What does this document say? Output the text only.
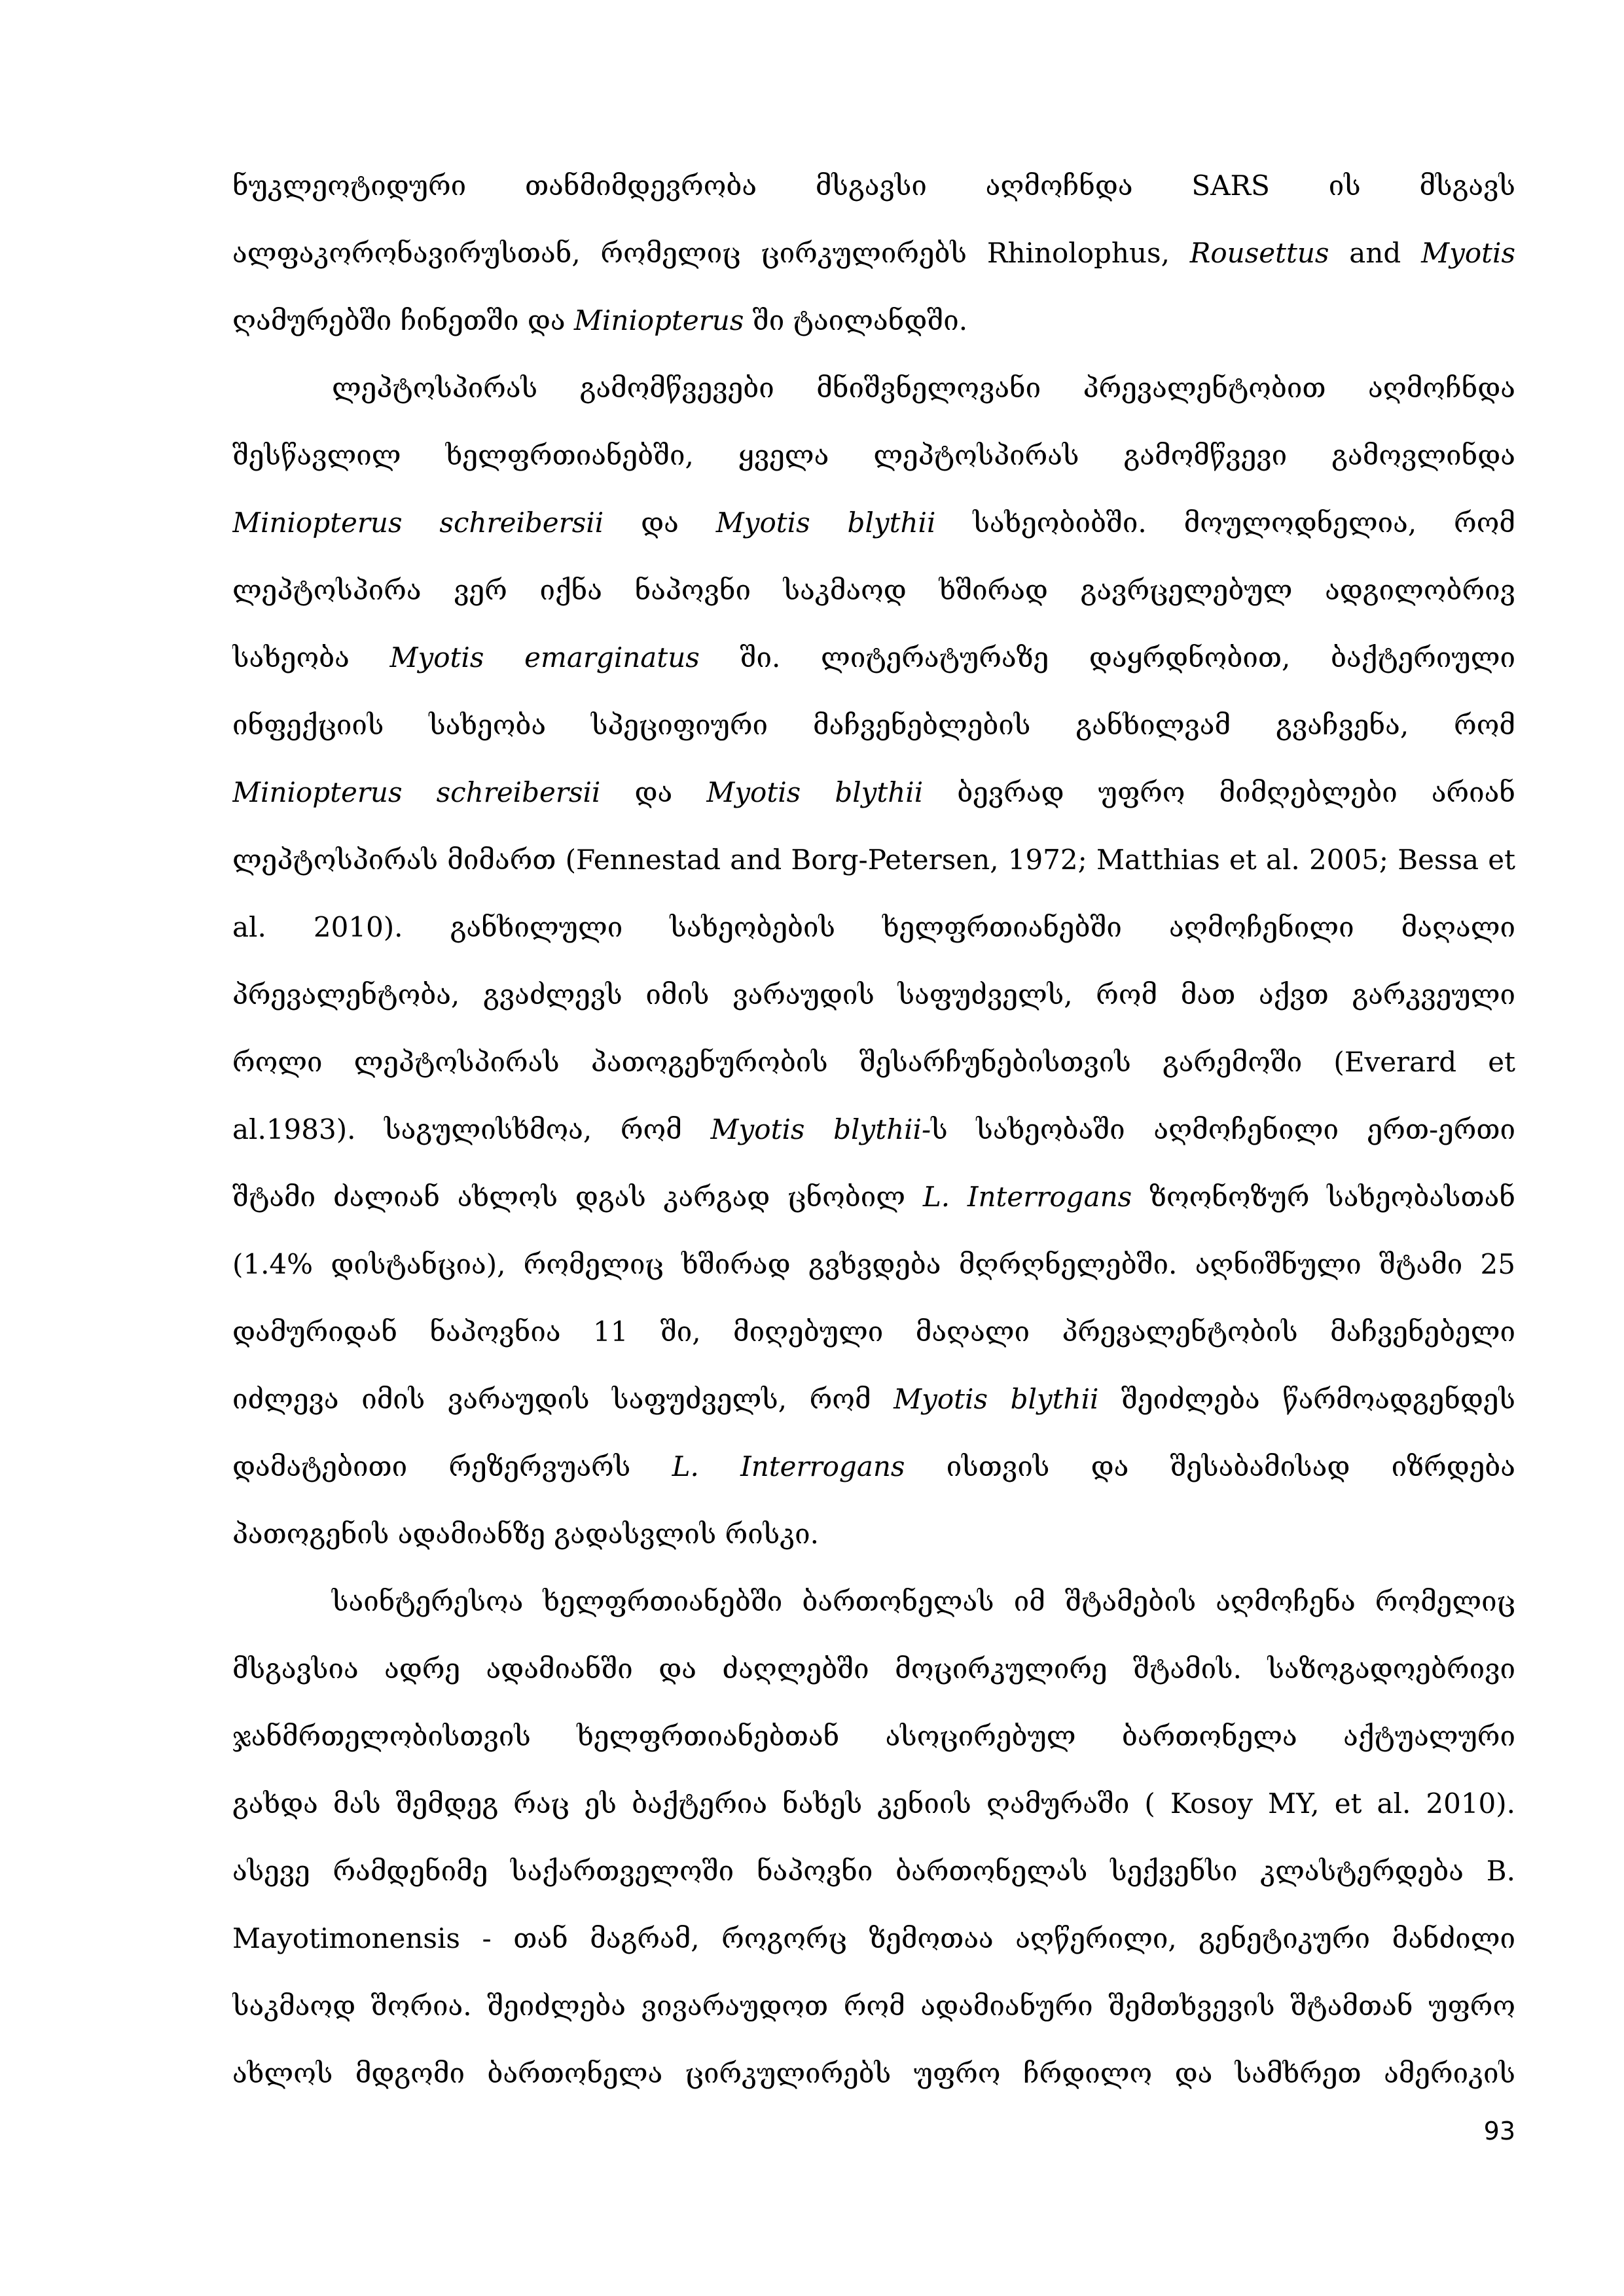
ნუკლეოტიდური თანმიმდევრობა მსგავსი აღმოჩნდა SARS ის მსგავს
ალფაკორონავირუსთან, რომელიც ცირკულირებს Rhinolophus, Rousettus and Myotis
ღამურებში ჩინეთში და Miniopterus ში ტაილანდში.
ლეპტოსპირას გამომწვევები მნიშვნელოვანი პრევალენტობით აღმოჩნდა
შესწავლილ ხელფრთიანებში, ყველა ლეპტოსპირას გამომწვევი გამოვლინდა
Miniopterus schreibersii და Myotis blythii სახეობიბში. მოულოდნელია, რომ
ლეპტოსპირა ვერ იქნა ნაპოვნი საკმაოდ ხშირად გავრცელებულ ადგილობრივ
სახეობა Myotis emarginatus ში. ლიტერატურაზე დაყრდნობით, ბაქტერიული
ინფექციის სახეობა სპეციფიური მაჩვენებლების განხილვამ გვაჩვენა, რომ
Miniopterus schreibersii და Myotis blythii ბევრად უფრო მიმღებლები არიან
ლეპტოსპირას მიმართ (Fennestad and Borg-Petersen, 1972; Matthias et al. 2005; Bessa et
al. 2010). განხილული სახეობების ხელფრთიანებში აღმოჩენილი მაღალი
პრევალენტობა, გვაძლევს იმის ვარაუდის საფუძველს, რომ მათ აქვთ გარკვეული
როლი ლეპტოსპირას პათოგენურობის შესარჩუნებისთვის გარემოში (Everard et
al.1983). საგულისხმოა, რომ Myotis blythii-ს სახეობაში აღმოჩენილი ერთ-ერთი
შტამი ძალიან ახლოს დგას კარგად ცნობილ L. Interrogans ზოონოზურ სახეობასთან
(1.4% დისტანცია), რომელიც ხშირად გვხვდება მღრღნელებში. აღნიშნული შტამი 25
დამურიდან ნაპოვნია 11 ში, მიღებული მაღალი პრევალენტობის მაჩვენებელი
იძლევა იმის ვარაუდის საფუძველს, რომ Myotis blythii შეიძლება წარმოადგენდეს
დამატებითი რეზერვუარს L. Interrogans ისთვის და შესაბამისად იზრდება
პათოგენის ადამიანზე გადასვლის რისკი.
საინტერესოა ხელფრთიანებში ბართონელას იმ შტამების აღმოჩენა რომელიც
მსგავსია ადრე ადამიანში და ძაღლებში მოცირკულირე შტამის. საზოგადოებრივი
ჯანმრთელობისთვის ხელფრთიანებთან ასოცირებულ ბართონელა აქტუალური
გახდა მას შემდეგ რაც ეს ბაქტერია ნახეს კენიის ღამურაში ( Kosoy MY, et al. 2010).
ასევე რამდენიმე საქართველოში ნაპოვნი ბართონელას სექვენსი კლასტერდება B.
Mayotimonensis - თან მაგრამ, როგორც ზემოთაა აღწერილი, გენეტიკური მანძილი
საკმაოდ შორია. შეიძლება ვივარაუდოთ რომ ადამიანური შემთხვევის შტამთან უფრო
ახლოს მდგომი ბართონელა ცირკულირებს უფრო ჩრდილო და სამხრეთ ამერიკის
93
